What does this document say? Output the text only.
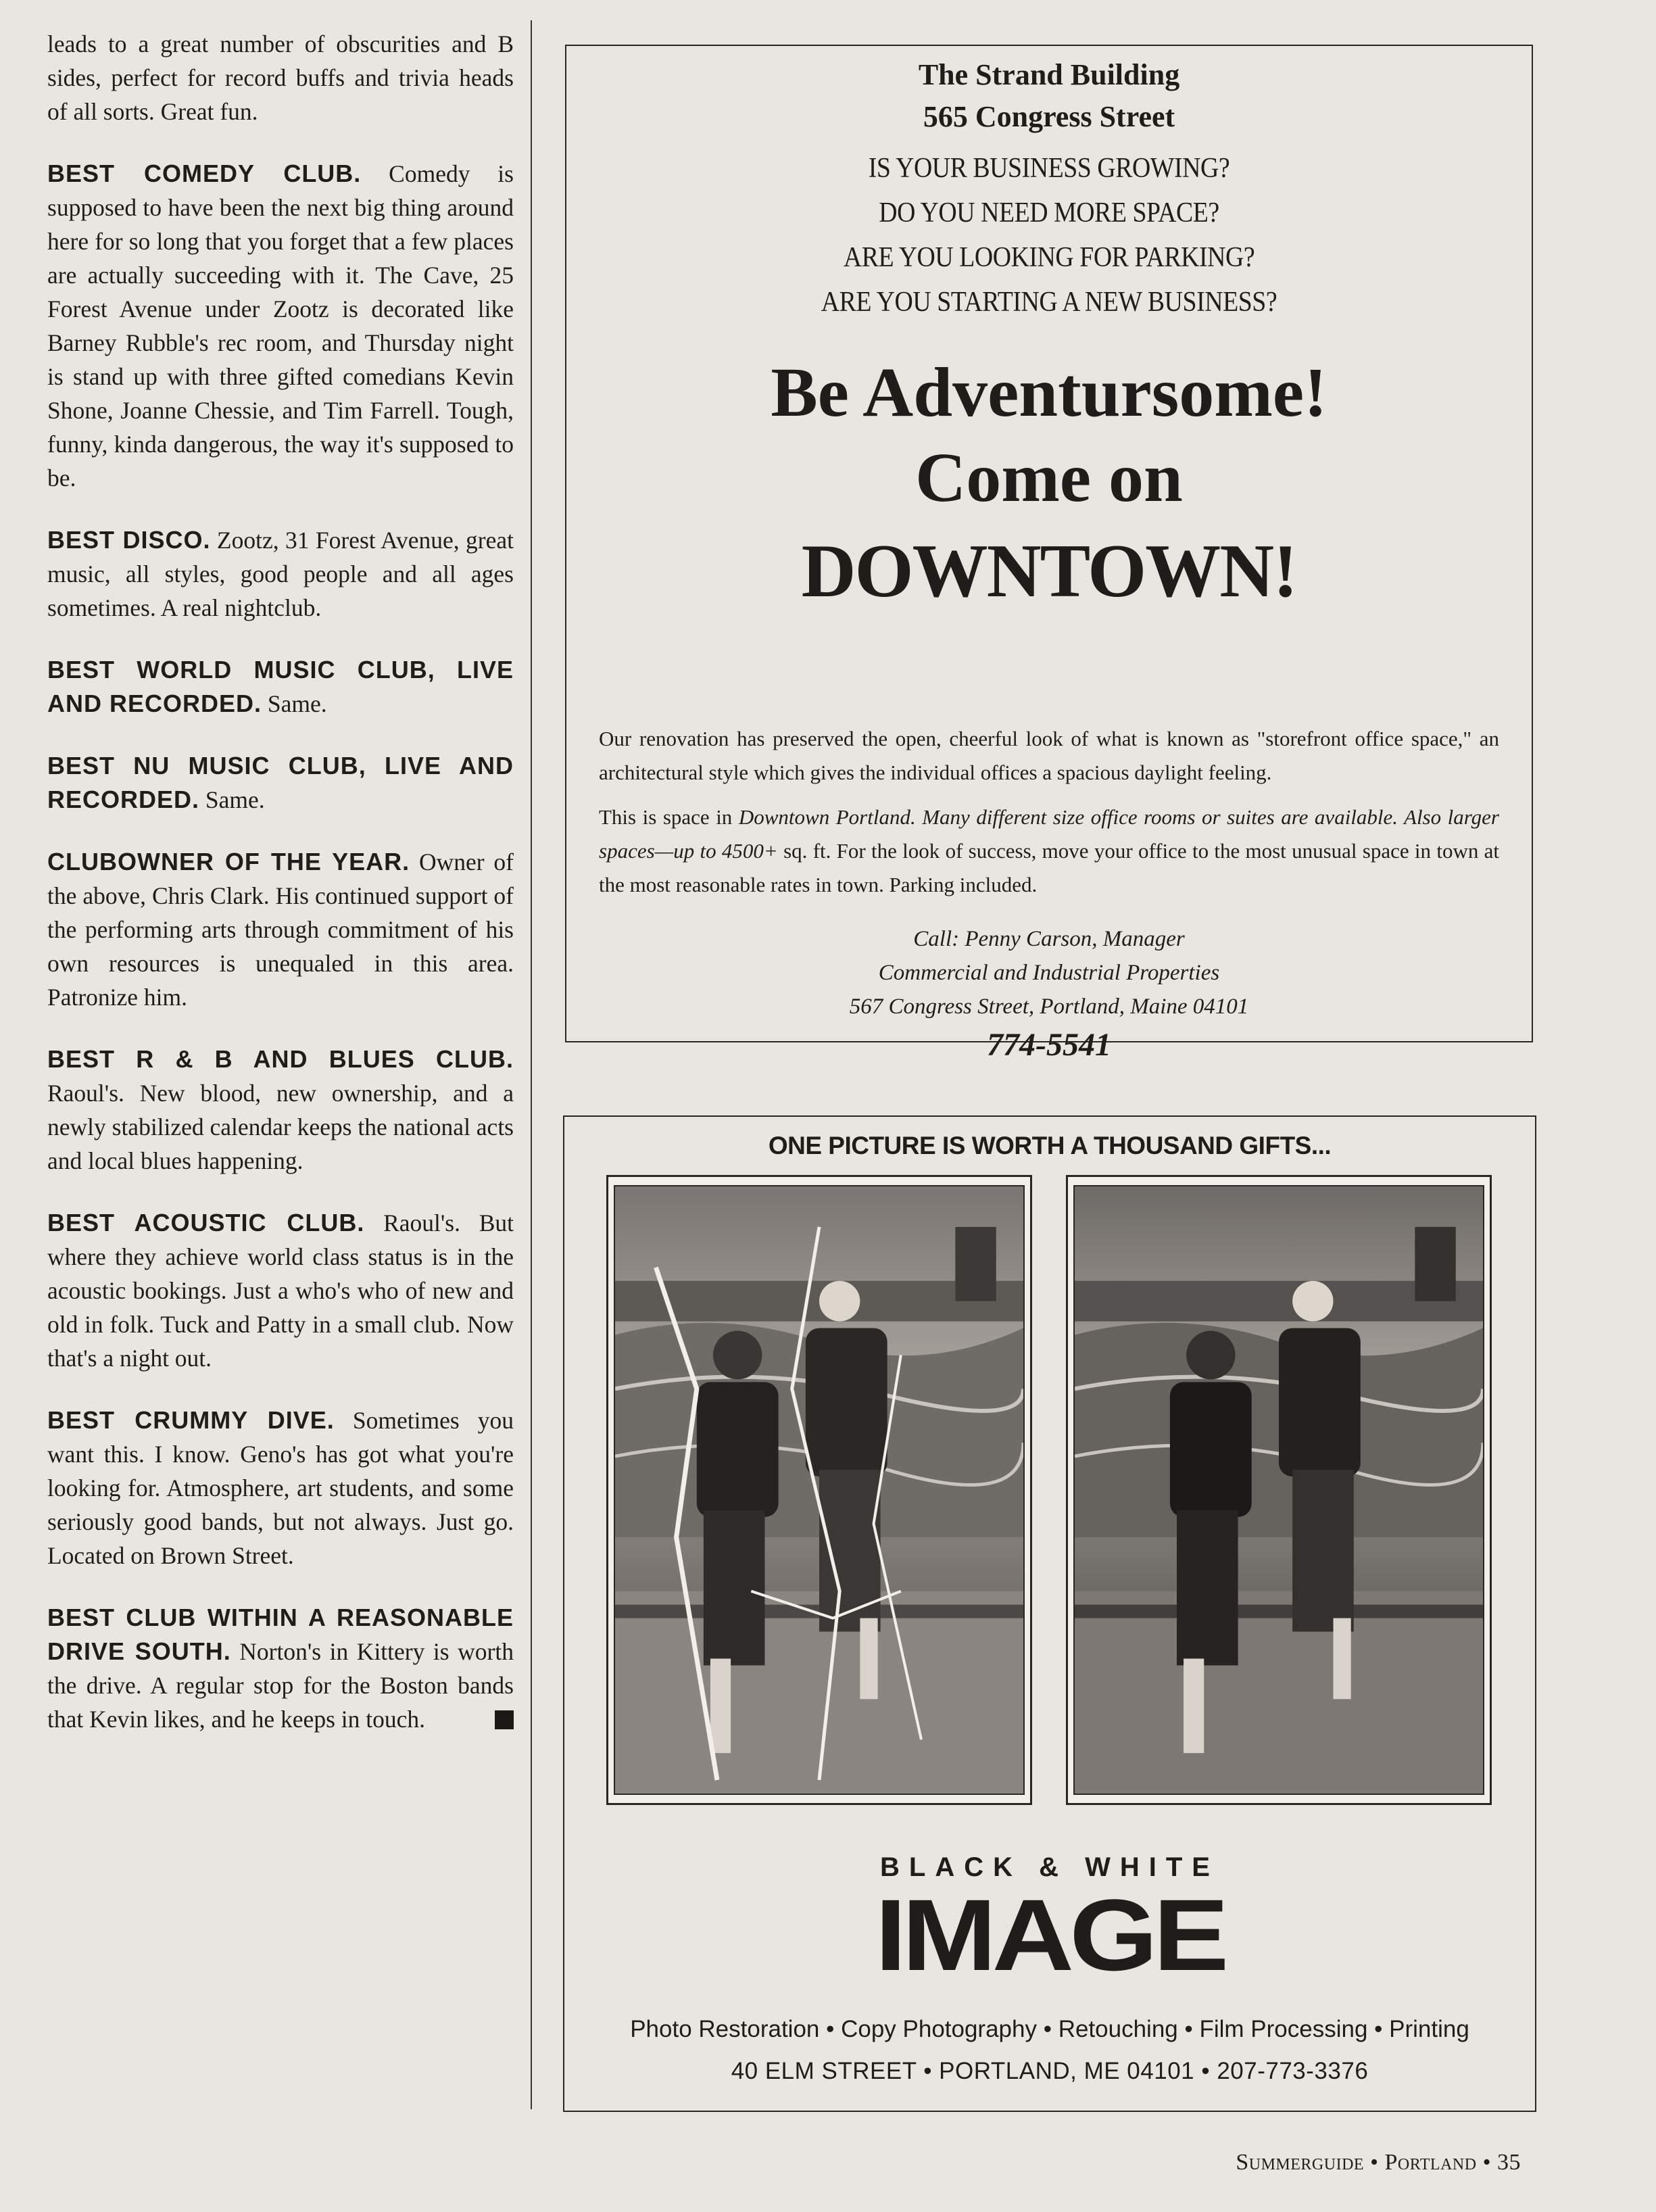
leads to a great number of obscurities and B sides, perfect for record buffs and trivia heads of all sorts. Great fun.

BEST COMEDY CLUB. Comedy is supposed to have been the next big thing around here for so long that you forget that a few places are actually succeeding with it. The Cave, 25 Forest Avenue under Zootz is decorated like Barney Rubble's rec room, and Thursday night is stand up with three gifted comedians Kevin Shone, Joanne Chessie, and Tim Farrell. Tough, funny, kinda dangerous, the way it's supposed to be.

BEST DISCO. Zootz, 31 Forest Avenue, great music, all styles, good people and all ages sometimes. A real nightclub.

BEST WORLD MUSIC CLUB, LIVE AND RECORDED. Same.

BEST NU MUSIC CLUB, LIVE AND RECORDED. Same.

CLUBOWNER OF THE YEAR. Owner of the above, Chris Clark. His continued support of the performing arts through commitment of his own resources is unequaled in this area. Patronize him.

BEST R & B AND BLUES CLUB. Raoul's. New blood, new ownership, and a newly stabilized calendar keeps the national acts and local blues happening.

BEST ACOUSTIC CLUB. Raoul's. But where they achieve world class status is in the acoustic bookings. Just a who's who of new and old in folk. Tuck and Patty in a small club. Now that's a night out.

BEST CRUMMY DIVE. Sometimes you want this. I know. Geno's has got what you're looking for. Atmosphere, art students, and some seriously good bands, but not always. Just go. Located on Brown Street.

BEST CLUB WITHIN A REASONABLE DRIVE SOUTH. Norton's in Kittery is worth the drive. A regular stop for the Boston bands that Kevin likes, and he keeps in touch.

The Strand Building
565 Congress Street
IS YOUR BUSINESS GROWING?
DO YOU NEED MORE SPACE?
ARE YOU LOOKING FOR PARKING?
ARE YOU STARTING A NEW BUSINESS?
Be Adventursome!
Come on
DOWNTOWN!

Our renovation has preserved the open, cheerful look of what is known as "storefront office space," an architectural style which gives the individual offices a spacious daylight feeling.

This is space in Downtown Portland. Many different size office rooms or suites are available. Also larger spaces—up to 4500+ sq. ft. For the look of success, move your office to the most unusual space in town at the most reasonable rates in town. Parking included.

Call: Penny Carson, Manager
Commercial and Industrial Properties
567 Congress Street, Portland, Maine 04101
774-5541
ONE PICTURE IS WORTH A THOUSAND GIFTS...
BLACK & WHITE
IMAGE
Photo Restoration • Copy Photography • Retouching • Film Processing • Printing
40 ELM STREET • PORTLAND, ME 04101 • 207-773-3376
Summerguide • Portland • 35
